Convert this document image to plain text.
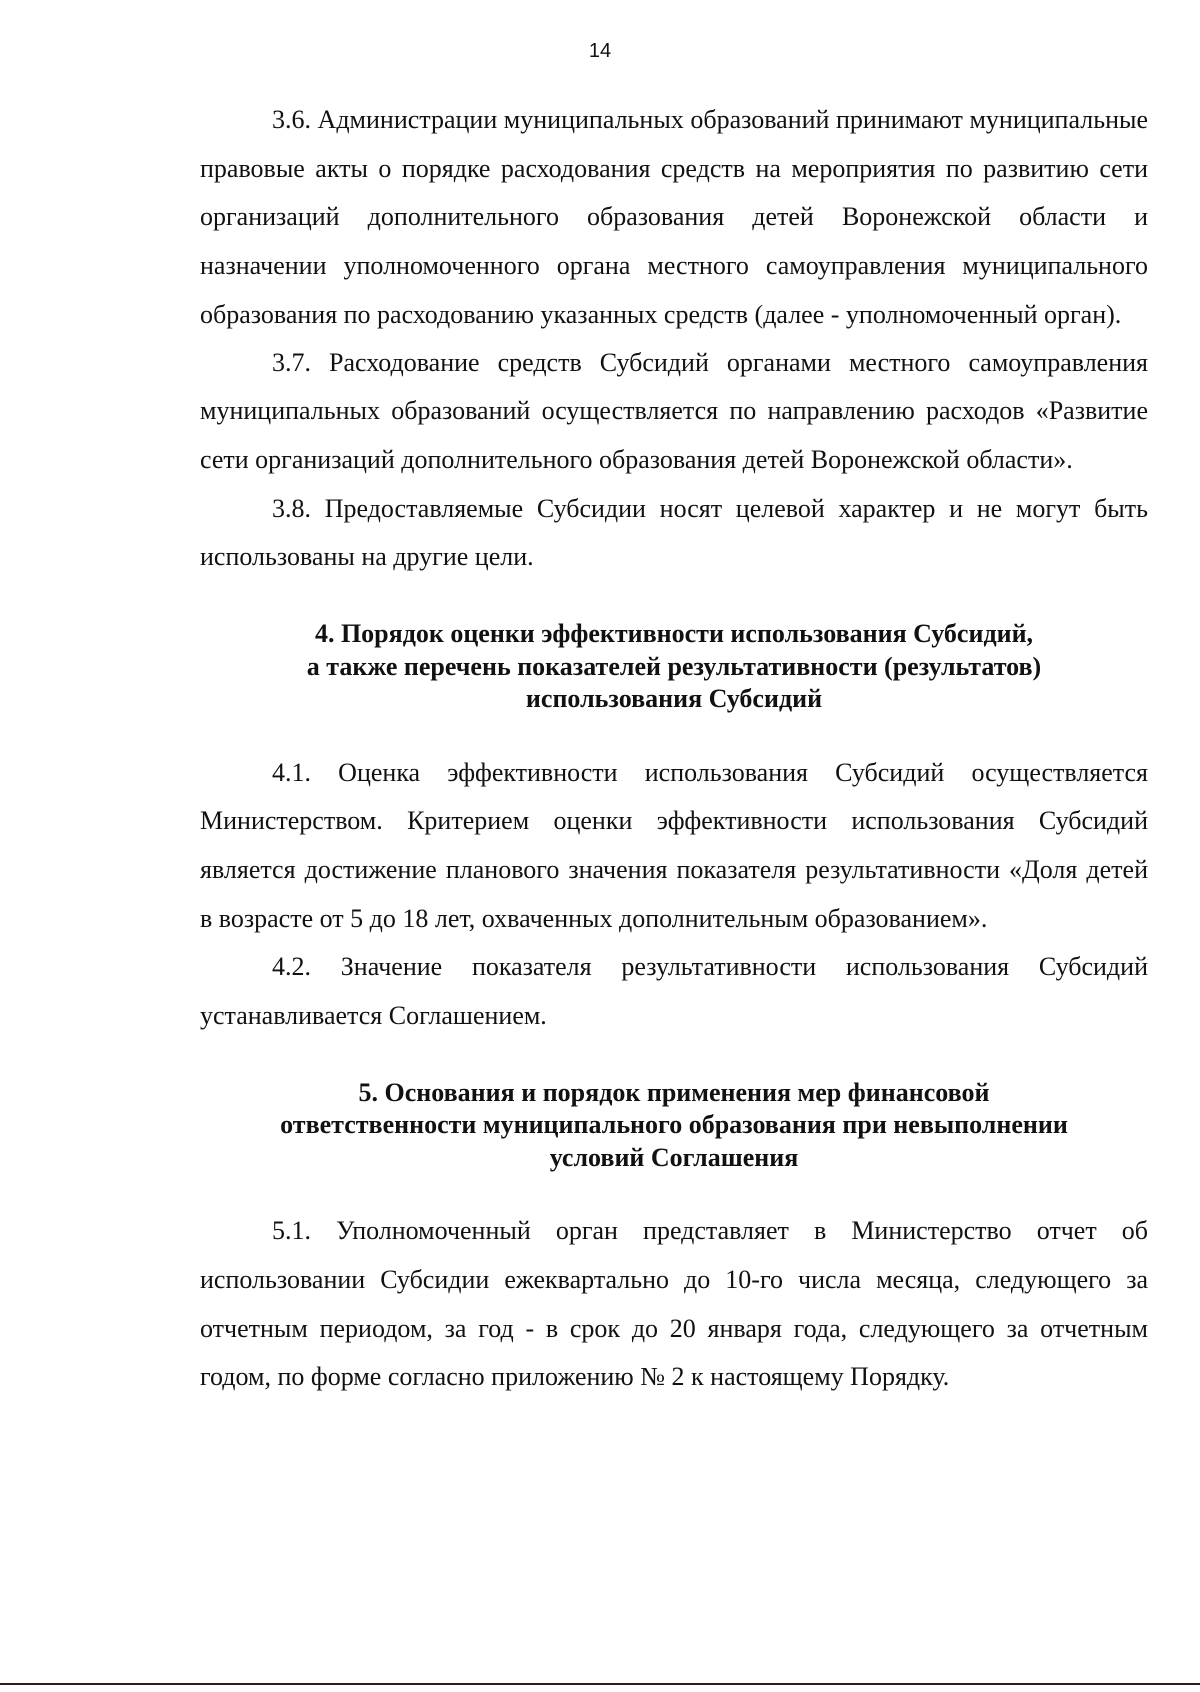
14

3.6. Администрации муниципальных образований принимают муниципальные правовые акты о порядке расходования средств на мероприятия по развитию сети организаций дополнительного образования детей Воронежской области и назначении уполномоченного органа местного самоуправления муниципального образования по расходованию указанных средств (далее - уполномоченный орган).

3.7. Расходование средств Субсидий органами местного самоуправления муниципальных образований осуществляется по направлению расходов «Развитие сети организаций дополнительного образования детей Воронежской области».

3.8. Предоставляемые Субсидии носят целевой характер и не могут быть использованы на другие цели.

4. Порядок оценки эффективности использования Субсидий,
а также перечень показателей результативности (результатов)
использования Субсидий

4.1. Оценка эффективности использования Субсидий осуществляется Министерством. Критерием оценки эффективности использования Субсидий является достижение планового значения показателя результативности «Доля детей в возрасте от 5 до 18 лет, охваченных дополнительным образованием».

4.2. Значение показателя результативности использования Субсидий устанавливается Соглашением.

5. Основания и порядок применения мер финансовой
ответственности муниципального образования при невыполнении
условий Соглашения

5.1. Уполномоченный орган представляет в Министерство отчет об использовании Субсидии ежеквартально до 10-го числа месяца, следующего за отчетным периодом, за год - в срок до 20 января года, следующего за отчетным годом, по форме согласно приложению № 2 к настоящему Порядку.
